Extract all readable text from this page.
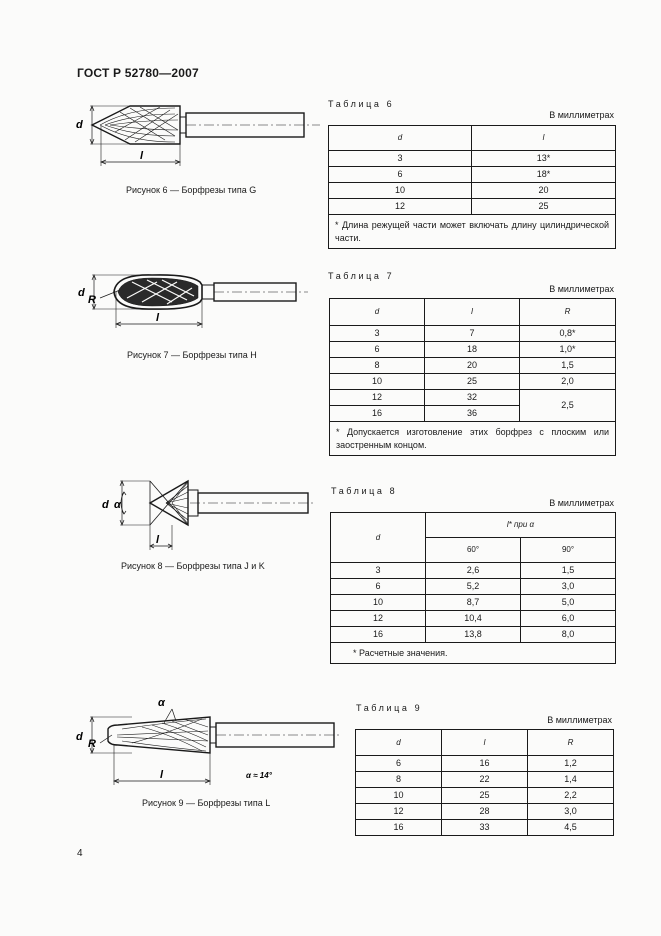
ГОСТ Р 52780—2007
d
l
Рисунок 6 — Борфрезы типа G
Таблица 6
В миллиметрах
d	l
3	13*
6	18*
10	20
12	25
* Длина режущей части может включать длину цилиндрической части.	
d
R
l
Рисунок 7 — Борфрезы типа Н
Таблица 7
В миллиметрах
d	l	R
3	7	0,8*
6	18	1,0*
8	20	1,5
10	25	2,0
12	32	2,5
16	36	
* Допускается изготовление этих борфрез с плоским или заостренным концом.		
d α
l
Рисунок 8 — Борфрезы типа J и K
Таблица 8
В миллиметрах
d	l* при α	
	60°	90°
3	2,6	1,5
6	5,2	3,0
10	8,7	5,0
12	10,4	6,0
16	13,8	8,0
* Расчетные значения.		
d
R
α
l	α ≈ 14°
Рисунок 9 — Борфрезы типа L
Таблица 9
В миллиметрах
d	l	R
6	16	1,2
8	22	1,4
10	25	2,2
12	28	3,0
16	33	4,5
4
